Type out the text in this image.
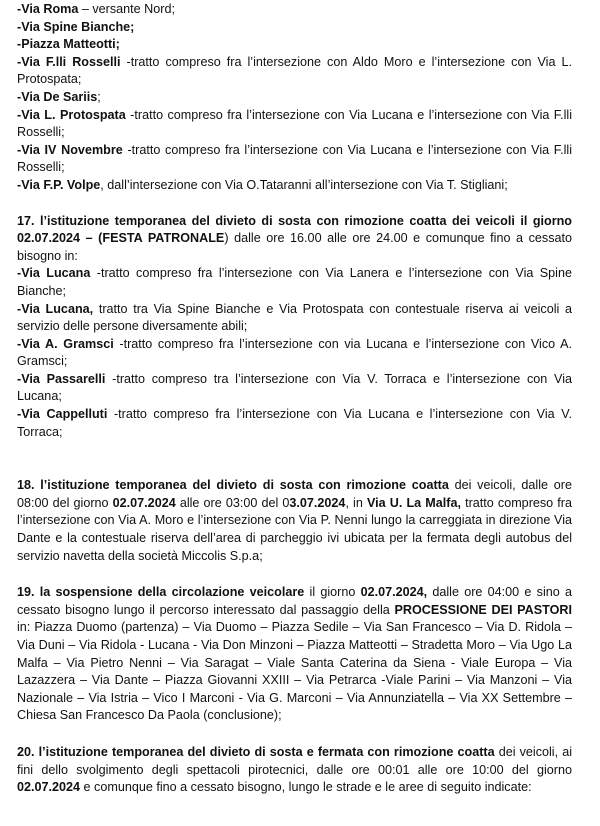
-Via Roma – versante Nord;

-Via Spine Bianche;

-Piazza Matteotti;

-Via F.lli Rosselli -tratto compreso fra l’intersezione con Aldo Moro e l’intersezione con Via L. Protospata;

-Via De Sariis;

-Via L. Protospata -tratto compreso fra l’intersezione con Via Lucana e l’intersezione con Via F.lli Rosselli;

-Via IV Novembre -tratto compreso fra l’intersezione con Via Lucana e l’intersezione con Via F.lli Rosselli;

-Via F.P. Volpe, dall’intersezione con Via O.Tataranni all’intersezione con Via T. Stigliani;

17. l’istituzione temporanea del divieto di sosta con rimozione coatta dei veicoli il giorno 02.07.2024 – (FESTA PATRONALE) dalle ore 16.00 alle ore 24.00 e comunque fino a cessato bisogno in:

-Via Lucana -tratto compreso fra l’intersezione con Via Lanera e l’intersezione con Via Spine Bianche;

-Via Lucana, tratto tra Via Spine Bianche e Via Protospata con contestuale riserva ai veicoli a servizio delle persone diversamente abili;

-Via A. Gramsci -tratto compreso fra l’intersezione con via Lucana e l’intersezione con Vico A. Gramsci;

-Via Passarelli -tratto compreso tra l’intersezione con Via V. Torraca e l’intersezione con Via Lucana;

-Via Cappelluti -tratto compreso fra l’intersezione con Via Lucana e l’intersezione con Via V. Torraca;

18. l’istituzione temporanea del divieto di sosta con rimozione coatta dei veicoli, dalle ore 08:00 del giorno 02.07.2024 alle ore 03:00 del 03.07.2024, in Via U. La Malfa, tratto compreso fra l’intersezione con Via A. Moro e l’intersezione con Via P. Nenni lungo la carreggiata in direzione Via Dante e la contestuale riserva dell’area di parcheggio ivi ubicata per la fermata degli autobus del servizio navetta della società Miccolis S.p.a;

19. la sospensione della circolazione veicolare il giorno 02.07.2024, dalle ore 04:00 e sino a cessato bisogno lungo il percorso interessato dal passaggio della PROCESSIONE DEI PASTORI in: Piazza Duomo (partenza) – Via Duomo – Piazza Sedile – Via San Francesco – Via D. Ridola – Via Duni – Via Ridola - Lucana - Via Don Minzoni – Piazza Matteotti – Stradetta Moro – Via Ugo La Malfa – Via Pietro Nenni – Via Saragat – Viale Santa Caterina da Siena - Viale Europa – Via Lazazzera – Via Dante – Piazza Giovanni XXIII – Via Petrarca -Viale Parini – Via Manzoni – Via Nazionale – Via Istria – Vico I Marconi - Via G. Marconi – Via Annunziatella – Via XX Settembre – Chiesa San Francesco Da Paola (conclusione);

20. l’istituzione temporanea del divieto di sosta e fermata con rimozione coatta dei veicoli, ai fini dello svolgimento degli spettacoli pirotecnici, dalle ore 00:01 alle ore 10:00 del giorno 02.07.2024 e comunque fino a cessato bisogno, lungo le strade e le aree di seguito indicate:
